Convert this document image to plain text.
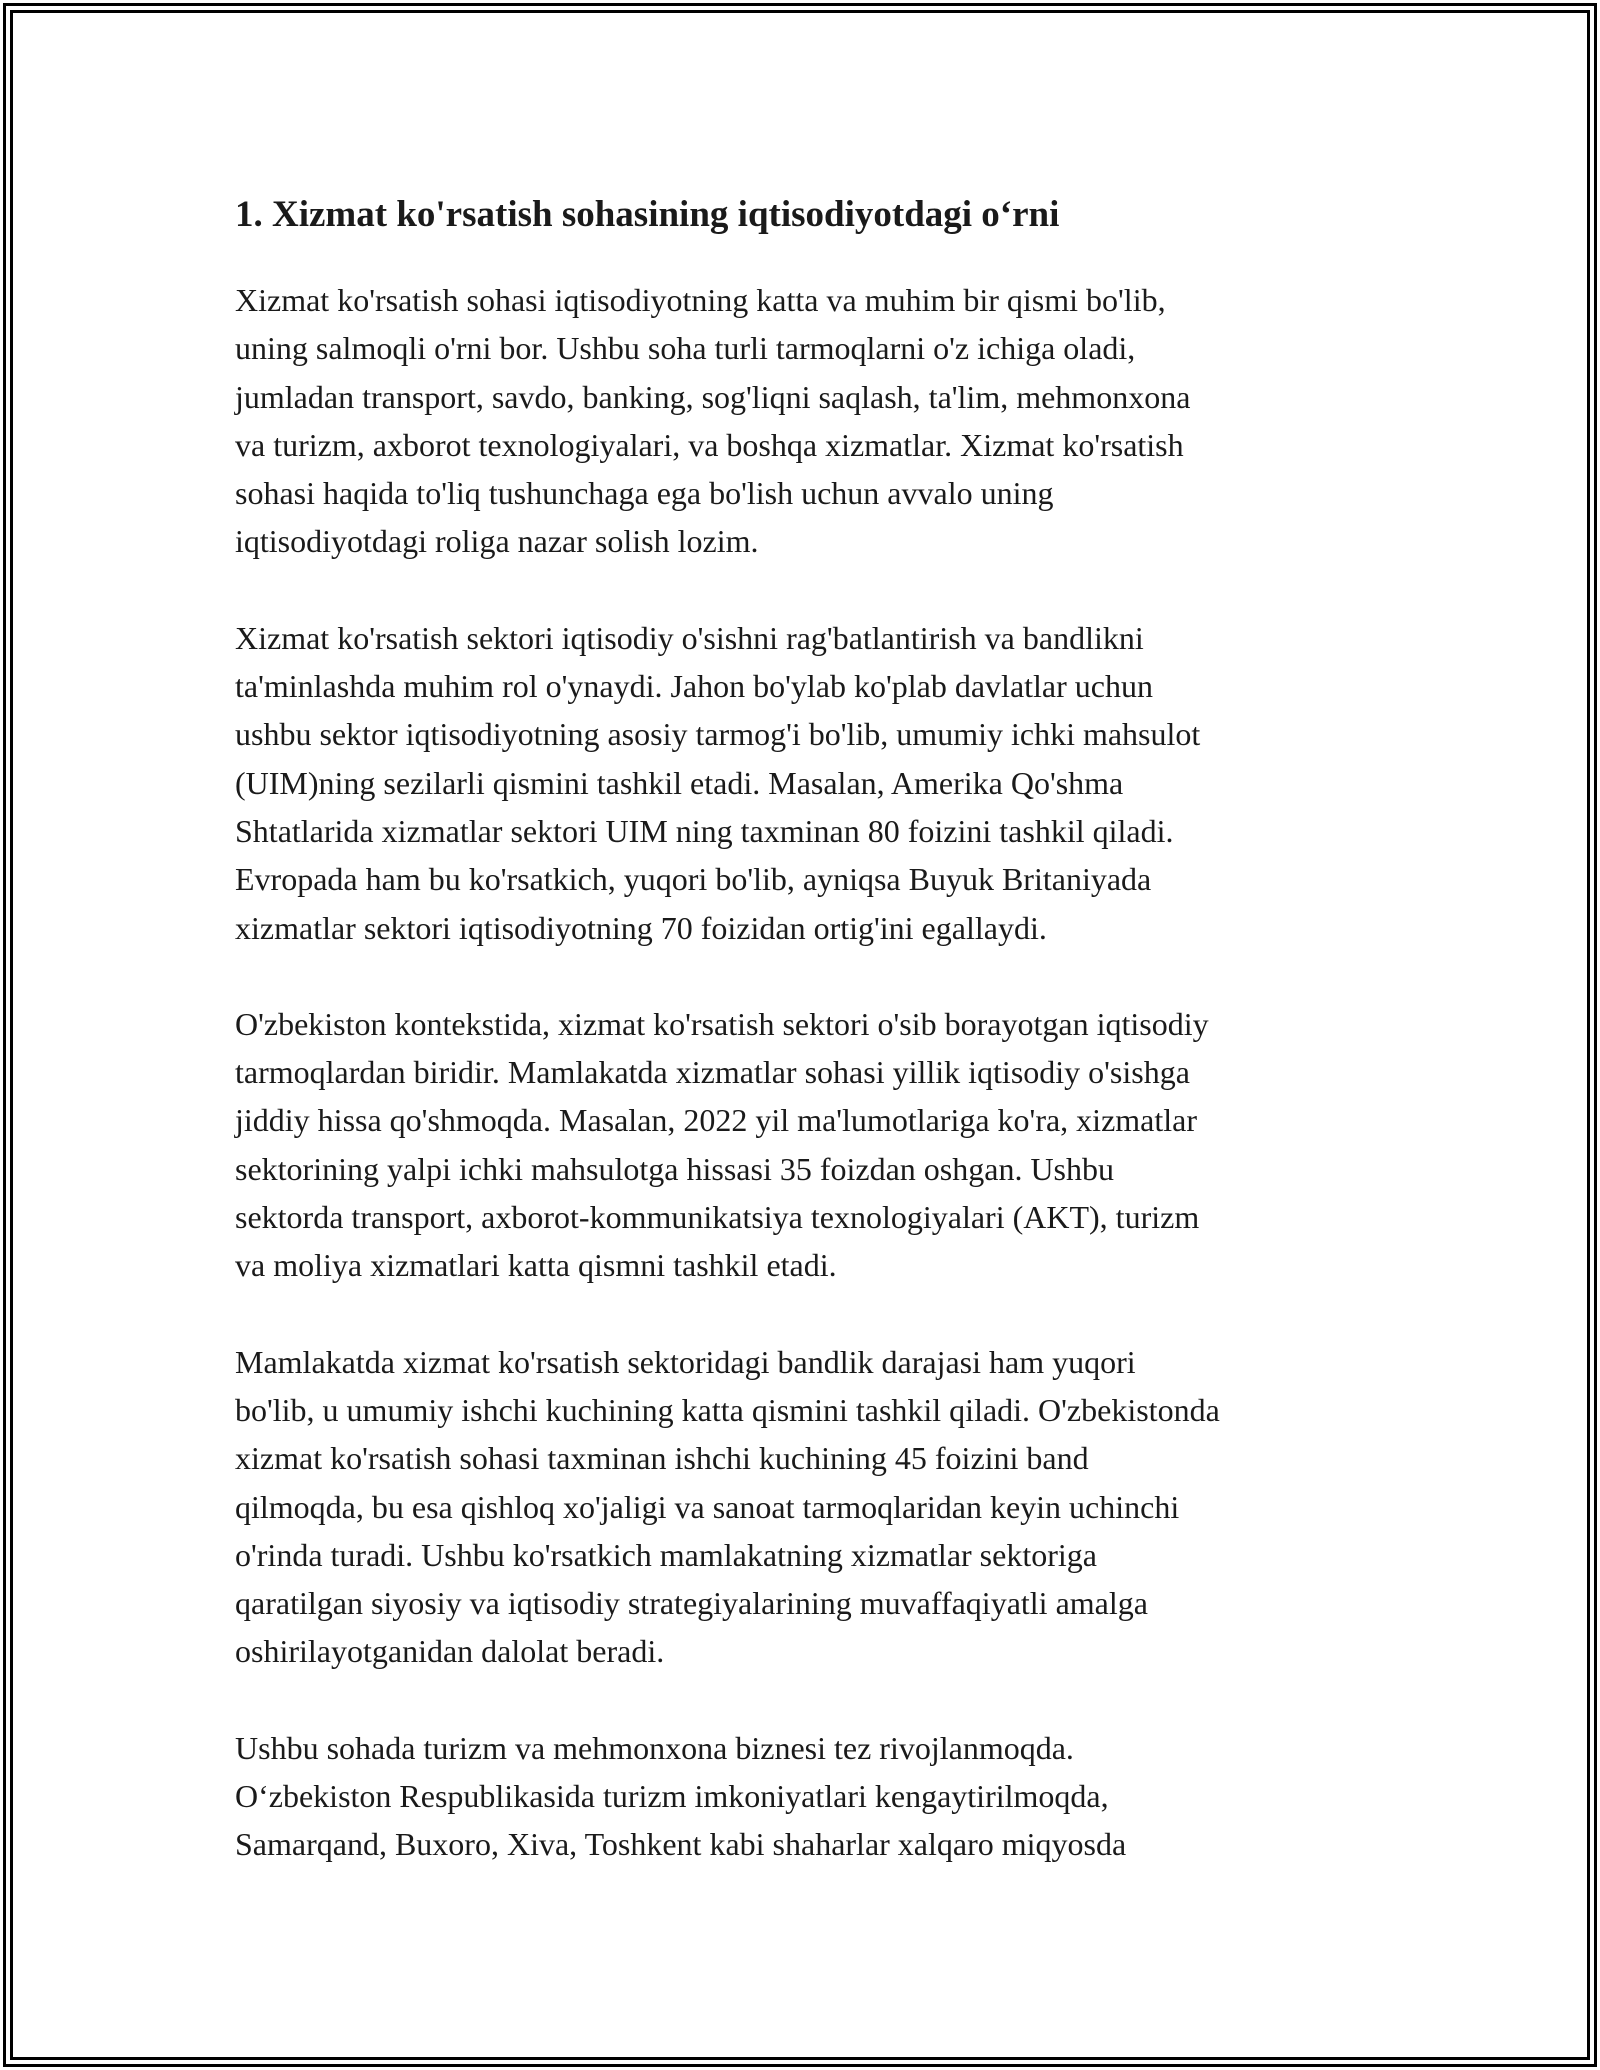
1. Xizmat ko'rsatish sohasining iqtisodiyotdagi o‘rni

Xizmat ko'rsatish sohasi iqtisodiyotning katta va muhim bir qismi bo'lib,
uning salmoqli o'rni bor. Ushbu soha turli tarmoqlarni o'z ichiga oladi,
jumladan transport, savdo, banking, sog'liqni saqlash, ta'lim, mehmonxona
va turizm, axborot texnologiyalari, va boshqa xizmatlar. Xizmat ko'rsatish
sohasi haqida to'liq tushunchaga ega bo'lish uchun avvalo uning
iqtisodiyotdagi roliga nazar solish lozim.

Xizmat ko'rsatish sektori iqtisodiy o'sishni rag'batlantirish va bandlikni
ta'minlashda muhim rol o'ynaydi. Jahon bo'ylab ko'plab davlatlar uchun
ushbu sektor iqtisodiyotning asosiy tarmog'i bo'lib, umumiy ichki mahsulot
(UIM)ning sezilarli qismini tashkil etadi. Masalan, Amerika Qo'shma
Shtatlarida xizmatlar sektori UIM ning taxminan 80 foizini tashkil qiladi.
Evropada ham bu ko'rsatkich, yuqori bo'lib, ayniqsa Buyuk Britaniyada
xizmatlar sektori iqtisodiyotning 70 foizidan ortig'ini egallaydi.

O'zbekiston kontekstida, xizmat ko'rsatish sektori o'sib borayotgan iqtisodiy
tarmoqlardan biridir. Mamlakatda xizmatlar sohasi yillik iqtisodiy o'sishga
jiddiy hissa qo'shmoqda. Masalan, 2022 yil ma'lumotlariga ko'ra, xizmatlar
sektorining yalpi ichki mahsulotga hissasi 35 foizdan oshgan. Ushbu
sektorda transport, axborot-kommunikatsiya texnologiyalari (AKT), turizm
va moliya xizmatlari katta qismni tashkil etadi.

Mamlakatda xizmat ko'rsatish sektoridagi bandlik darajasi ham yuqori
bo'lib, u umumiy ishchi kuchining katta qismini tashkil qiladi. O'zbekistonda
xizmat ko'rsatish sohasi taxminan ishchi kuchining 45 foizini band
qilmoqda, bu esa qishloq xo'jaligi va sanoat tarmoqlaridan keyin uchinchi
o'rinda turadi. Ushbu ko'rsatkich mamlakatning xizmatlar sektoriga
qaratilgan siyosiy va iqtisodiy strategiyalarining muvaffaqiyatli amalga
oshirilayotganidan dalolat beradi.

Ushbu sohada turizm va mehmonxona biznesi tez rivojlanmoqda.
O‘zbekiston Respublikasida turizm imkoniyatlari kengaytirilmoqda,
Samarqand, Buxoro, Xiva, Toshkent kabi shaharlar xalqaro miqyosda
